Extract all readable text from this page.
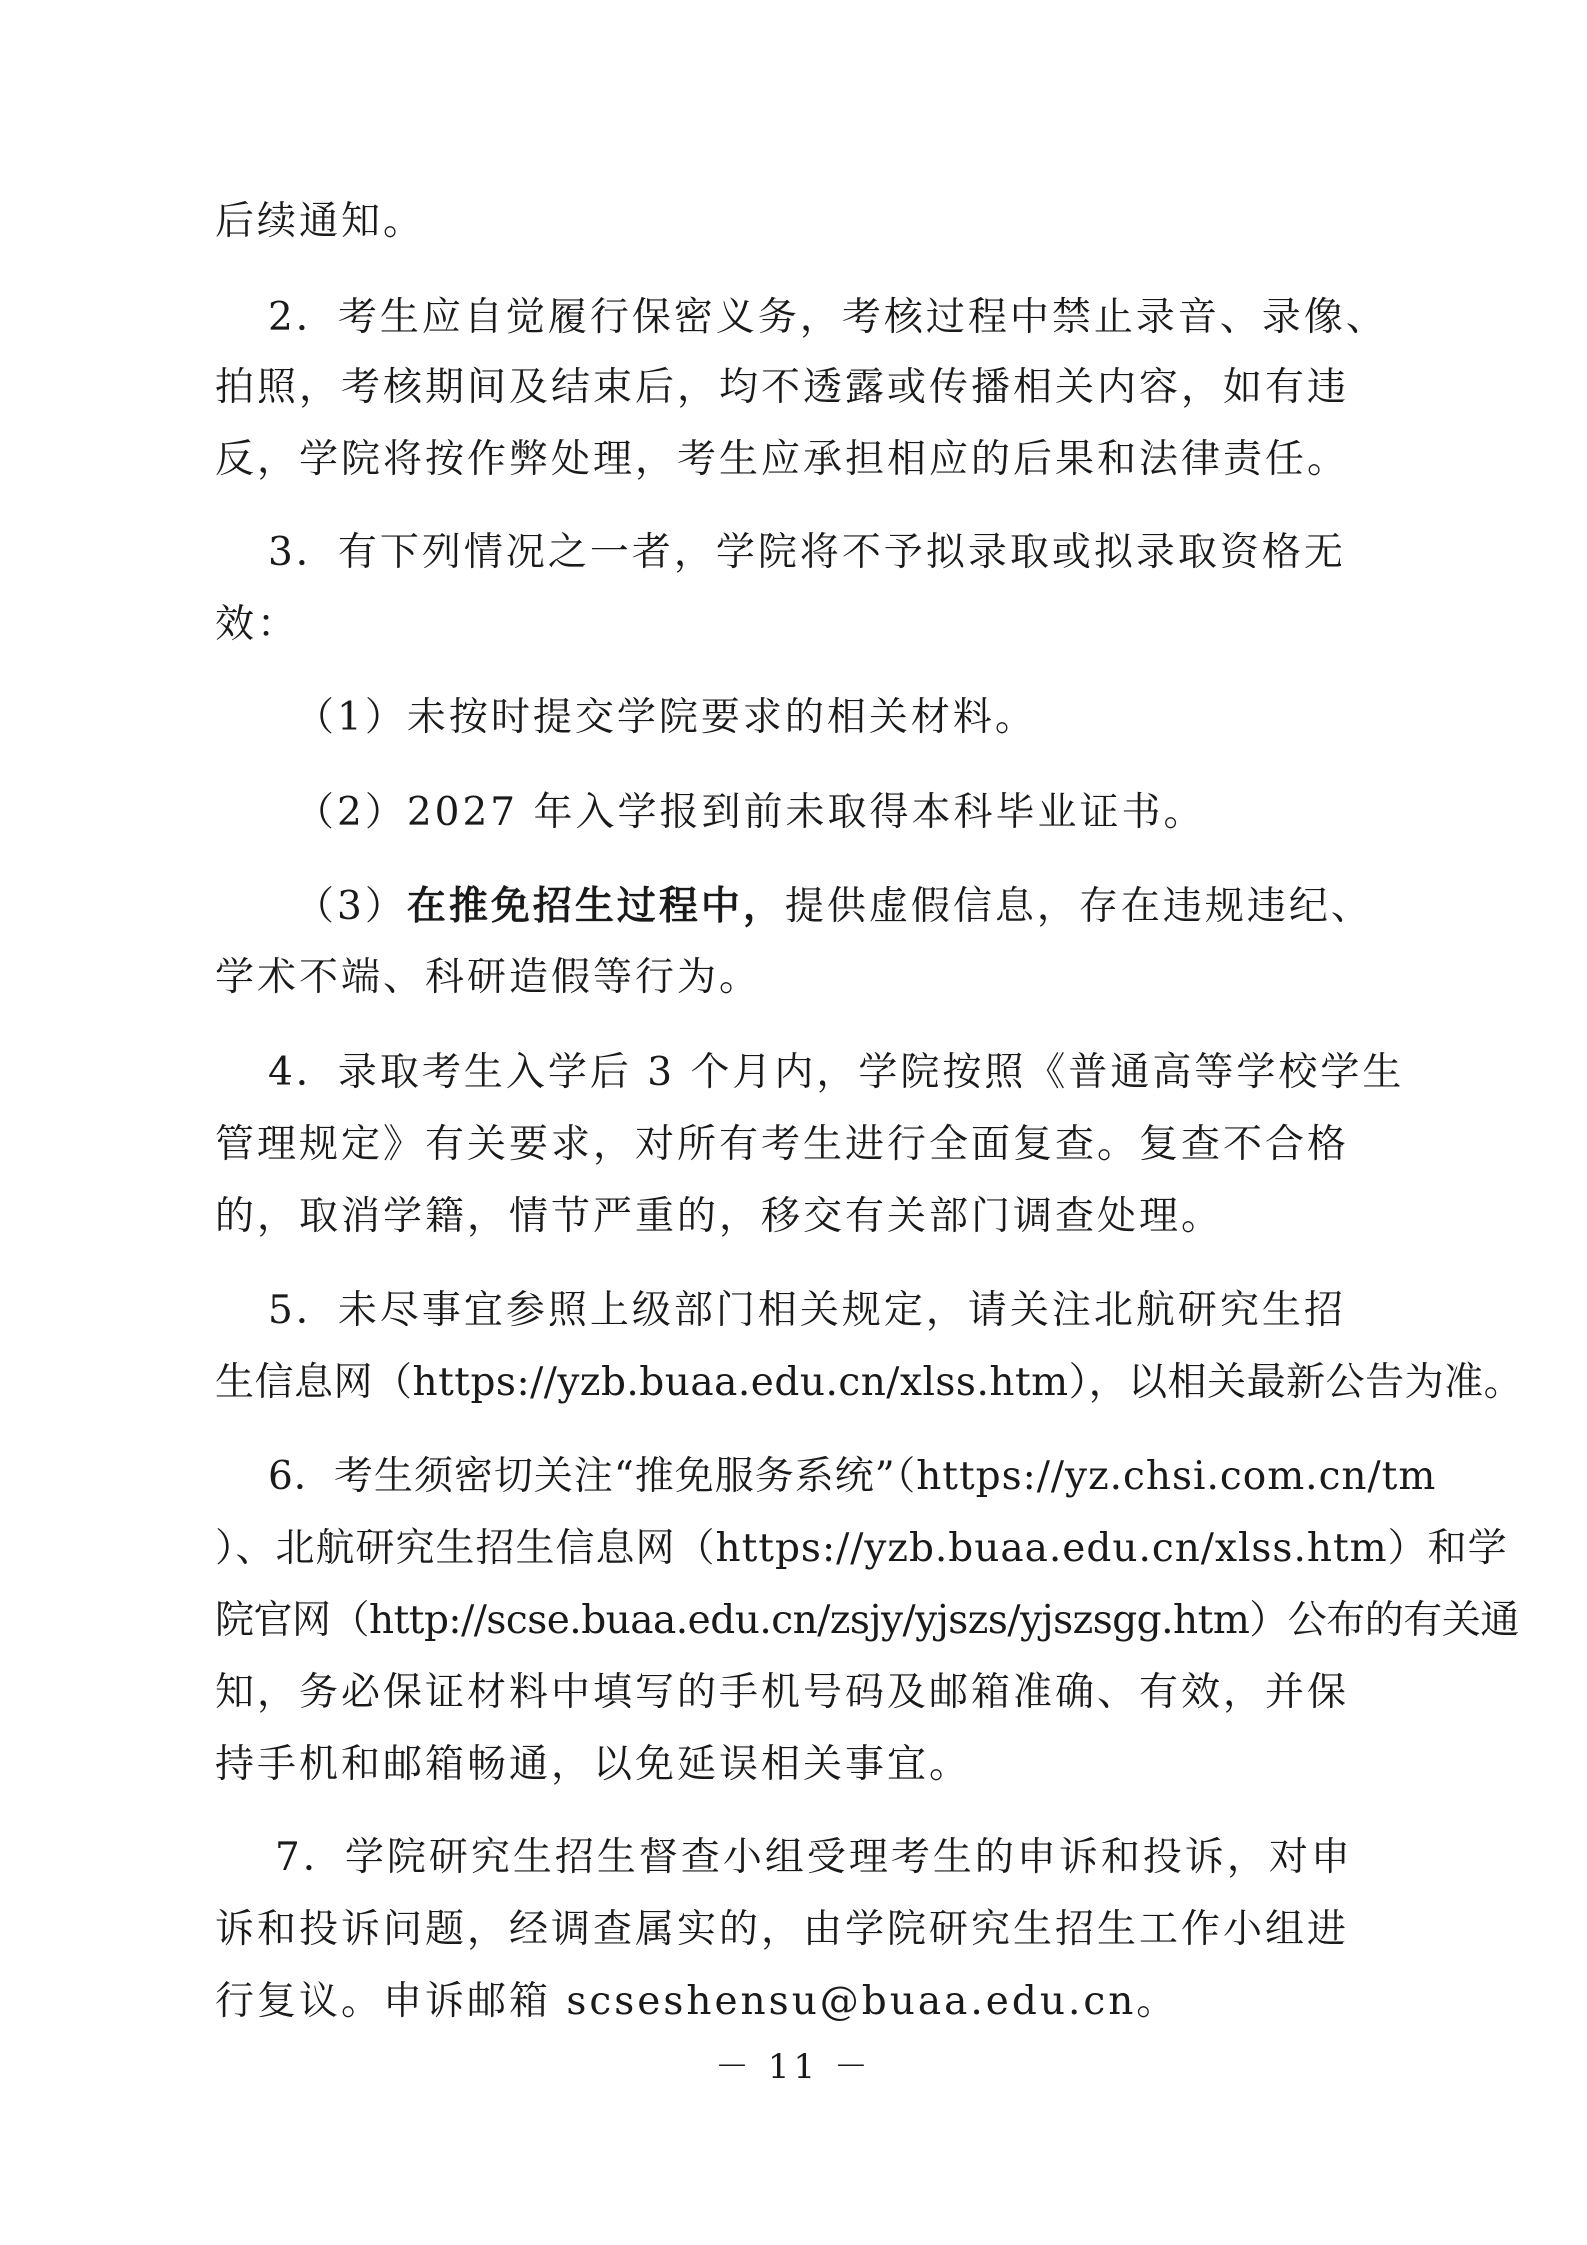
后续通知。
2．考生应自觉履行保密义务，考核过程中禁止录音、录像、
拍照，考核期间及结束后，均不透露或传播相关内容，如有违
反，学院将按作弊处理，考生应承担相应的后果和法律责任。
3．有下列情况之一者，学院将不予拟录取或拟录取资格无
效：
（1）未按时提交学院要求的相关材料。
（2）2027 年入学报到前未取得本科毕业证书。
（3）在推免招生过程中，提供虚假信息，存在违规违纪、
学术不端、科研造假等行为。
4．录取考生入学后 3 个月内，学院按照《普通高等学校学生
管理规定》有关要求，对所有考生进行全面复查。复查不合格
的，取消学籍，情节严重的，移交有关部门调查处理。
5．未尽事宜参照上级部门相关规定，请关注北航研究生招
生信息网（https://yzb.buaa.edu.cn/xlss.htm），以相关最新公告为准。
6．考生须密切关注“推免服务系统”（https://yz.chsi.com.cn/tm
）、北航研究生招生信息网（https://yzb.buaa.edu.cn/xlss.htm）和学
院官网（http://scse.buaa.edu.cn/zsjy/yjszs/yjszsgg.htm）公布的有关通
知，务必保证材料中填写的手机号码及邮箱准确、有效，并保
持手机和邮箱畅通，以免延误相关事宜。
7．学院研究生招生督查小组受理考生的申诉和投诉，对申
诉和投诉问题，经调查属实的，由学院研究生招生工作小组进
行复议。申诉邮箱 scseshensu@buaa.edu.cn。
－ 11 －
